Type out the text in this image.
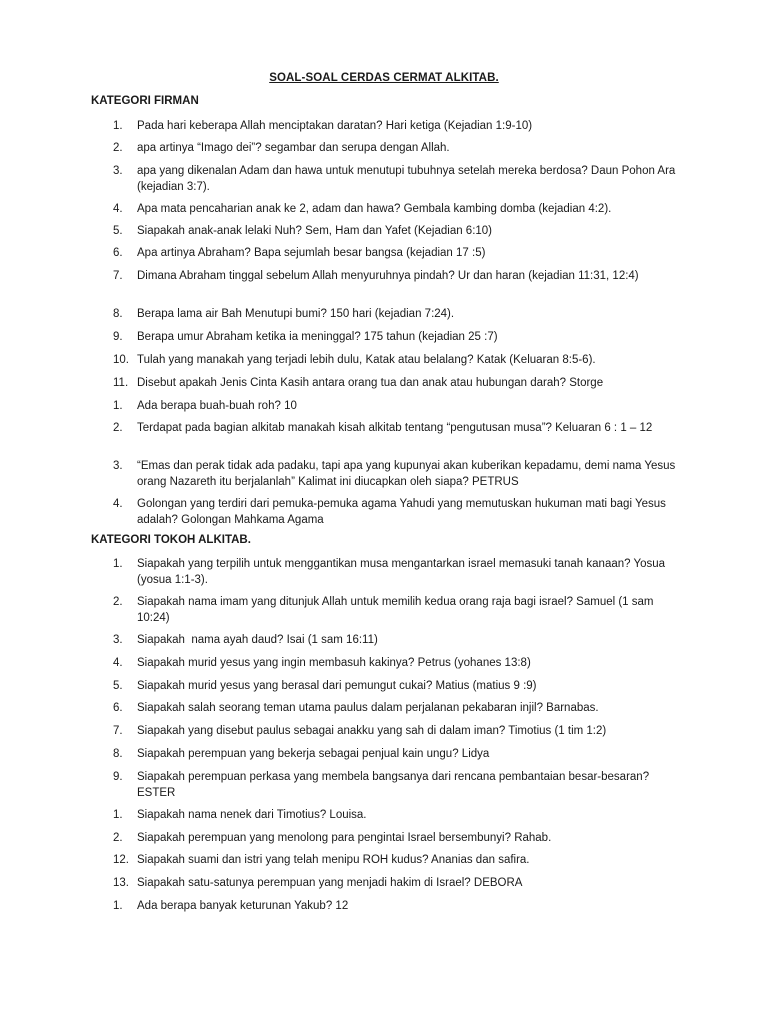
SOAL-SOAL CERDAS CERMAT ALKITAB.
KATEGORI FIRMAN
1.	Pada hari keberapa Allah menciptakan daratan? Hari ketiga (Kejadian 1:9-10)
2.	apa artinya “Imago dei”? segambar dan serupa dengan Allah.
3.	apa yang dikenalan Adam dan hawa untuk menutupi tubuhnya setelah mereka berdosa? Daun Pohon Ara (kejadian 3:7).
4.	Apa mata pencaharian anak ke 2, adam dan hawa? Gembala kambing domba (kejadian 4:2).
5.	Siapakah anak-anak lelaki Nuh? Sem, Ham dan Yafet (Kejadian 6:10)
6.	Apa artinya Abraham? Bapa sejumlah besar bangsa (kejadian 17 :5)
7.	Dimana Abraham tinggal sebelum Allah menyuruhnya pindah? Ur dan haran (kejadian 11:31, 12:4)
8.	Berapa lama air Bah Menutupi bumi? 150 hari (kejadian 7:24).
9.	Berapa umur Abraham ketika ia meninggal? 175 tahun (kejadian 25 :7)
10. Tulah yang manakah yang terjadi lebih dulu, Katak atau belalang? Katak (Keluaran 8:5-6).
11. Disebut apakah Jenis Cinta Kasih antara orang tua dan anak atau hubungan darah? Storge
1.	Ada berapa buah-buah roh? 10
2.	Terdapat pada bagian alkitab manakah kisah alkitab tentang “pengutusan musa”? Keluaran 6 : 1 – 12
3.	“Emas dan perak tidak ada padaku, tapi apa yang kupunyai akan kuberikan kepadamu, demi nama Yesus orang Nazareth itu berjalanlah” Kalimat ini diucapkan oleh siapa? PETRUS
4.	Golongan yang terdiri dari pemuka-pemuka agama Yahudi yang memutuskan hukuman mati bagi Yesus adalah? Golongan Mahkama Agama
KATEGORI TOKOH ALKITAB.
1.	Siapakah yang terpilih untuk menggantikan musa mengantarkan israel memasuki tanah kanaan? Yosua (yosua 1:1-3).
2.	Siapakah nama imam yang ditunjuk Allah untuk memilih kedua orang raja bagi israel? Samuel (1 sam 10:24)
3.	Siapakah  nama ayah daud? Isai (1 sam 16:11)
4.	Siapakah murid yesus yang ingin membasuh kakinya? Petrus (yohanes 13:8)
5.	Siapakah murid yesus yang berasal dari pemungut cukai? Matius (matius 9 :9)
6.	Siapakah salah seorang teman utama paulus dalam perjalanan pekabaran injil? Barnabas.
7.	Siapakah yang disebut paulus sebagai anakku yang sah di dalam iman? Timotius (1 tim 1:2)
8.	Siapakah perempuan yang bekerja sebagai penjual kain ungu? Lidya
9.	Siapakah perempuan perkasa yang membela bangsanya dari rencana pembantaian besar-besaran? ESTER
1.	Siapakah nama nenek dari Timotius? Louisa.
2.	Siapakah perempuan yang menolong para pengintai Israel bersembunyi? Rahab.
12. Siapakah suami dan istri yang telah menipu ROH kudus? Ananias dan safira.
13. Siapakah satu-satunya perempuan yang menjadi hakim di Israel? DEBORA
1.	Ada berapa banyak keturunan Yakub? 12
